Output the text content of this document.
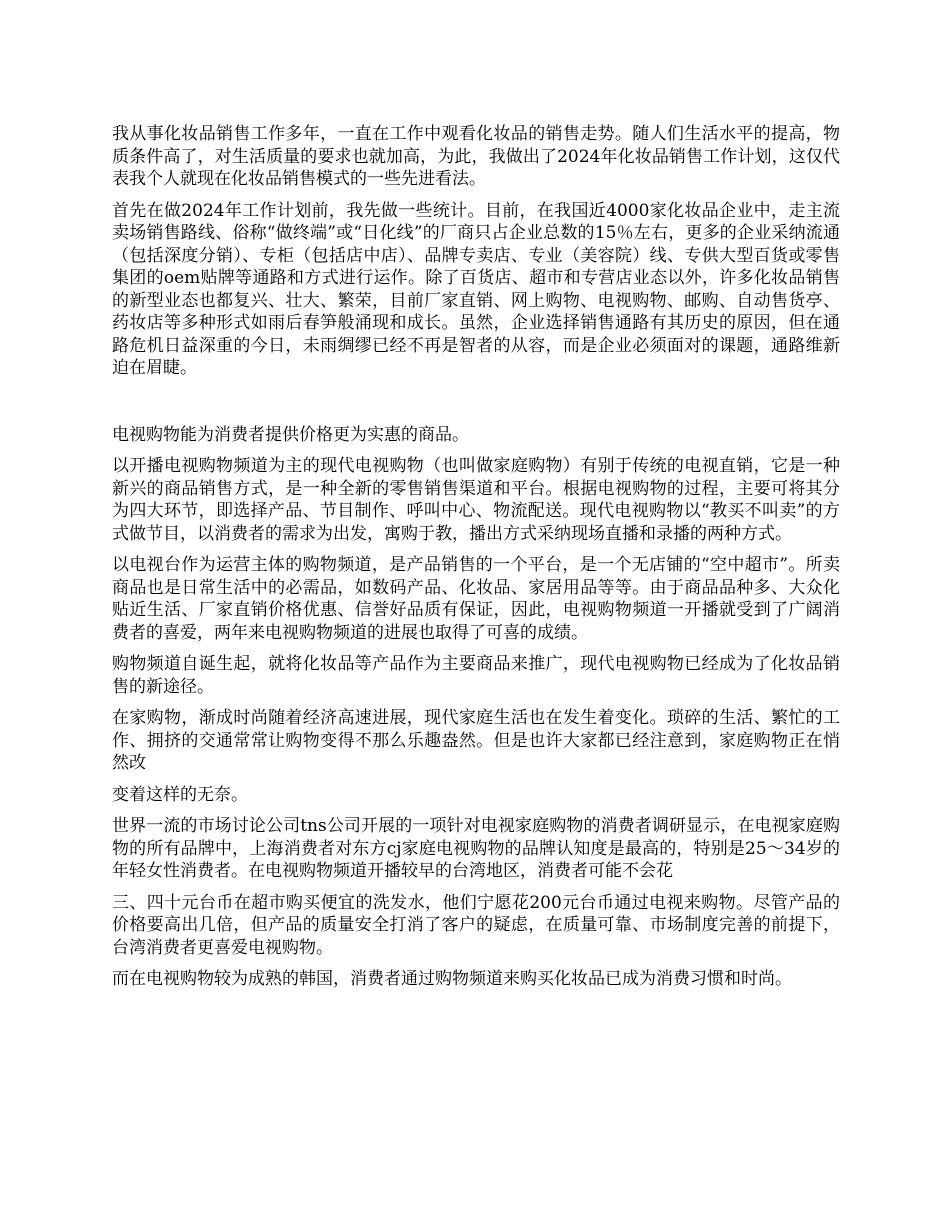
我从事化妆品销售工作多年，一直在工作中观看化妆品的销售走势。随人们生活水平的提高，物质条件高了，对生活质量的要求也就加高，为此，我做出了2024年化妆品销售工作计划，这仅代表我个人就现在化妆品销售模式的一些先进看法。

首先在做2024年工作计划前，我先做一些统计。目前，在我国近4000家化妆品企业中，走主流卖场销售路线、俗称“做终端”或“日化线”的厂商只占企业总数的15％左右，更多的企业采纳流通（包括深度分销）、专柜（包括店中店）、品牌专卖店、专业（美容院）线、专供大型百货或零售集团的oem贴牌等通路和方式进行运作。除了百货店、超市和专营店业态以外，许多化妆品销售的新型业态也都复兴、壮大、繁荣，目前厂家直销、网上购物、电视购物、邮购、自动售货亭、药妆店等多种形式如雨后春笋般涌现和成长。虽然，企业选择销售通路有其历史的原因，但在通路危机日益深重的今日，未雨绸缪已经不再是智者的从容，而是企业必须面对的课题，通路维新迫在眉睫。

电视购物能为消费者提供价格更为实惠的商品。

以开播电视购物频道为主的现代电视购物（也叫做家庭购物）有别于传统的电视直销，它是一种新兴的商品销售方式，是一种全新的零售销售渠道和平台。根据电视购物的过程，主要可将其分为四大环节，即选择产品、节目制作、呼叫中心、物流配送。现代电视购物以“教买不叫卖”的方式做节目，以消费者的需求为出发，寓购于教，播出方式采纳现场直播和录播的两种方式。

以电视台作为运营主体的购物频道，是产品销售的一个平台，是一个无店铺的“空中超市”。所卖商品也是日常生活中的必需品，如数码产品、化妆品、家居用品等等。由于商品品种多、大众化贴近生活、厂家直销价格优惠、信誉好品质有保证，因此，电视购物频道一开播就受到了广阔消费者的喜爱，两年来电视购物频道的进展也取得了可喜的成绩。

购物频道自诞生起，就将化妆品等产品作为主要商品来推广，现代电视购物已经成为了化妆品销售的新途径。

在家购物，渐成时尚随着经济高速进展，现代家庭生活也在发生着变化。琐碎的生活、繁忙的工作、拥挤的交通常常让购物变得不那么乐趣盎然。但是也许大家都已经注意到，家庭购物正在悄然改

变着这样的无奈。

世界一流的市场讨论公司tns公司开展的一项针对电视家庭购物的消费者调研显示，在电视家庭购物的所有品牌中，上海消费者对东方cj家庭电视购物的品牌认知度是最高的，特别是25～34岁的年轻女性消费者。在电视购物频道开播较早的台湾地区，消费者可能不会花

三、四十元台币在超市购买便宜的洗发水，他们宁愿花200元台币通过电视来购物。尽管产品的价格要高出几倍，但产品的质量安全打消了客户的疑虑，在质量可靠、市场制度完善的前提下，台湾消费者更喜爱电视购物。

而在电视购物较为成熟的韩国，消费者通过购物频道来购买化妆品已成为消费习惯和时尚。
